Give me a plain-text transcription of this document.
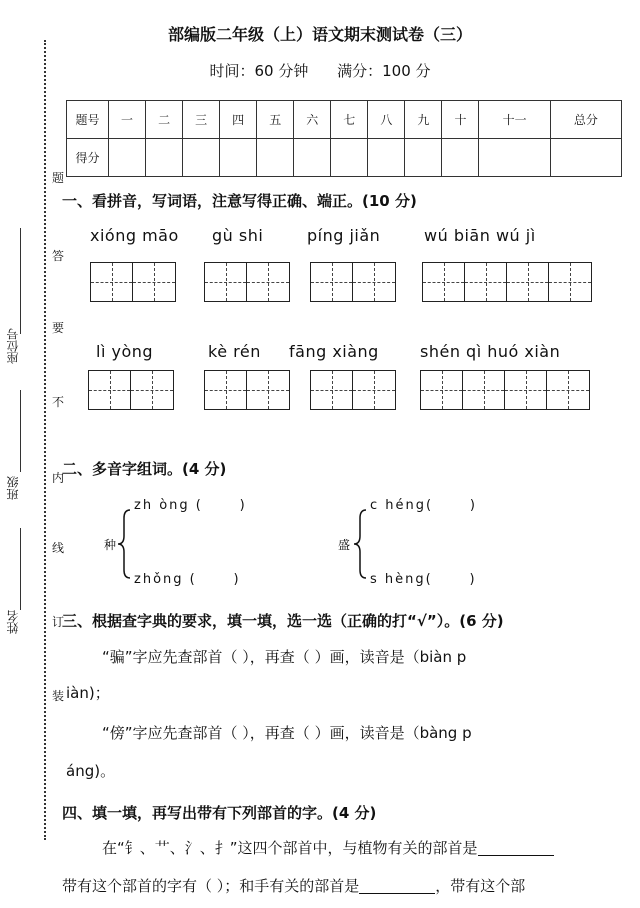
题
答
要
不
内
线
订
装
座位号
班级
姓名
部编版二年级（上）语文期末测试卷（三）
时间：60 分钟 满分：100 分
题号	一	二	三	四	五	六	七	八	九	十	十一	总分
得分												
一、看拼音，写词语，注意写得正确、端正。(10 分)
xióng māo gù shi	píng jiǎn	wú biān wú jì
lì yòng	kè rén fāng xiàng	shén qì huó xiàn
二、多音字组词。(4 分)
种
zh òng (      )
zhǒng (      )
盛
c héng(      )
s hèng(      )
三、根据查字典的要求，填一填，选一选（正确的打“√”）。(6 分)
“骗”字应先查部首（ ），再查（ ）画，读音是（biàn p
iàn)；
“傍”字应先查部首（ ），再查（ ）画，读音是（bàng p
áng)。
四、填一填，再写出带有下列部首的字。(4 分)
在“钅、艹、氵、扌”这四个部首中，与植物有关的部首是
带有这个部首的字有（ ）；和手有关的部首是	，带有这个部
